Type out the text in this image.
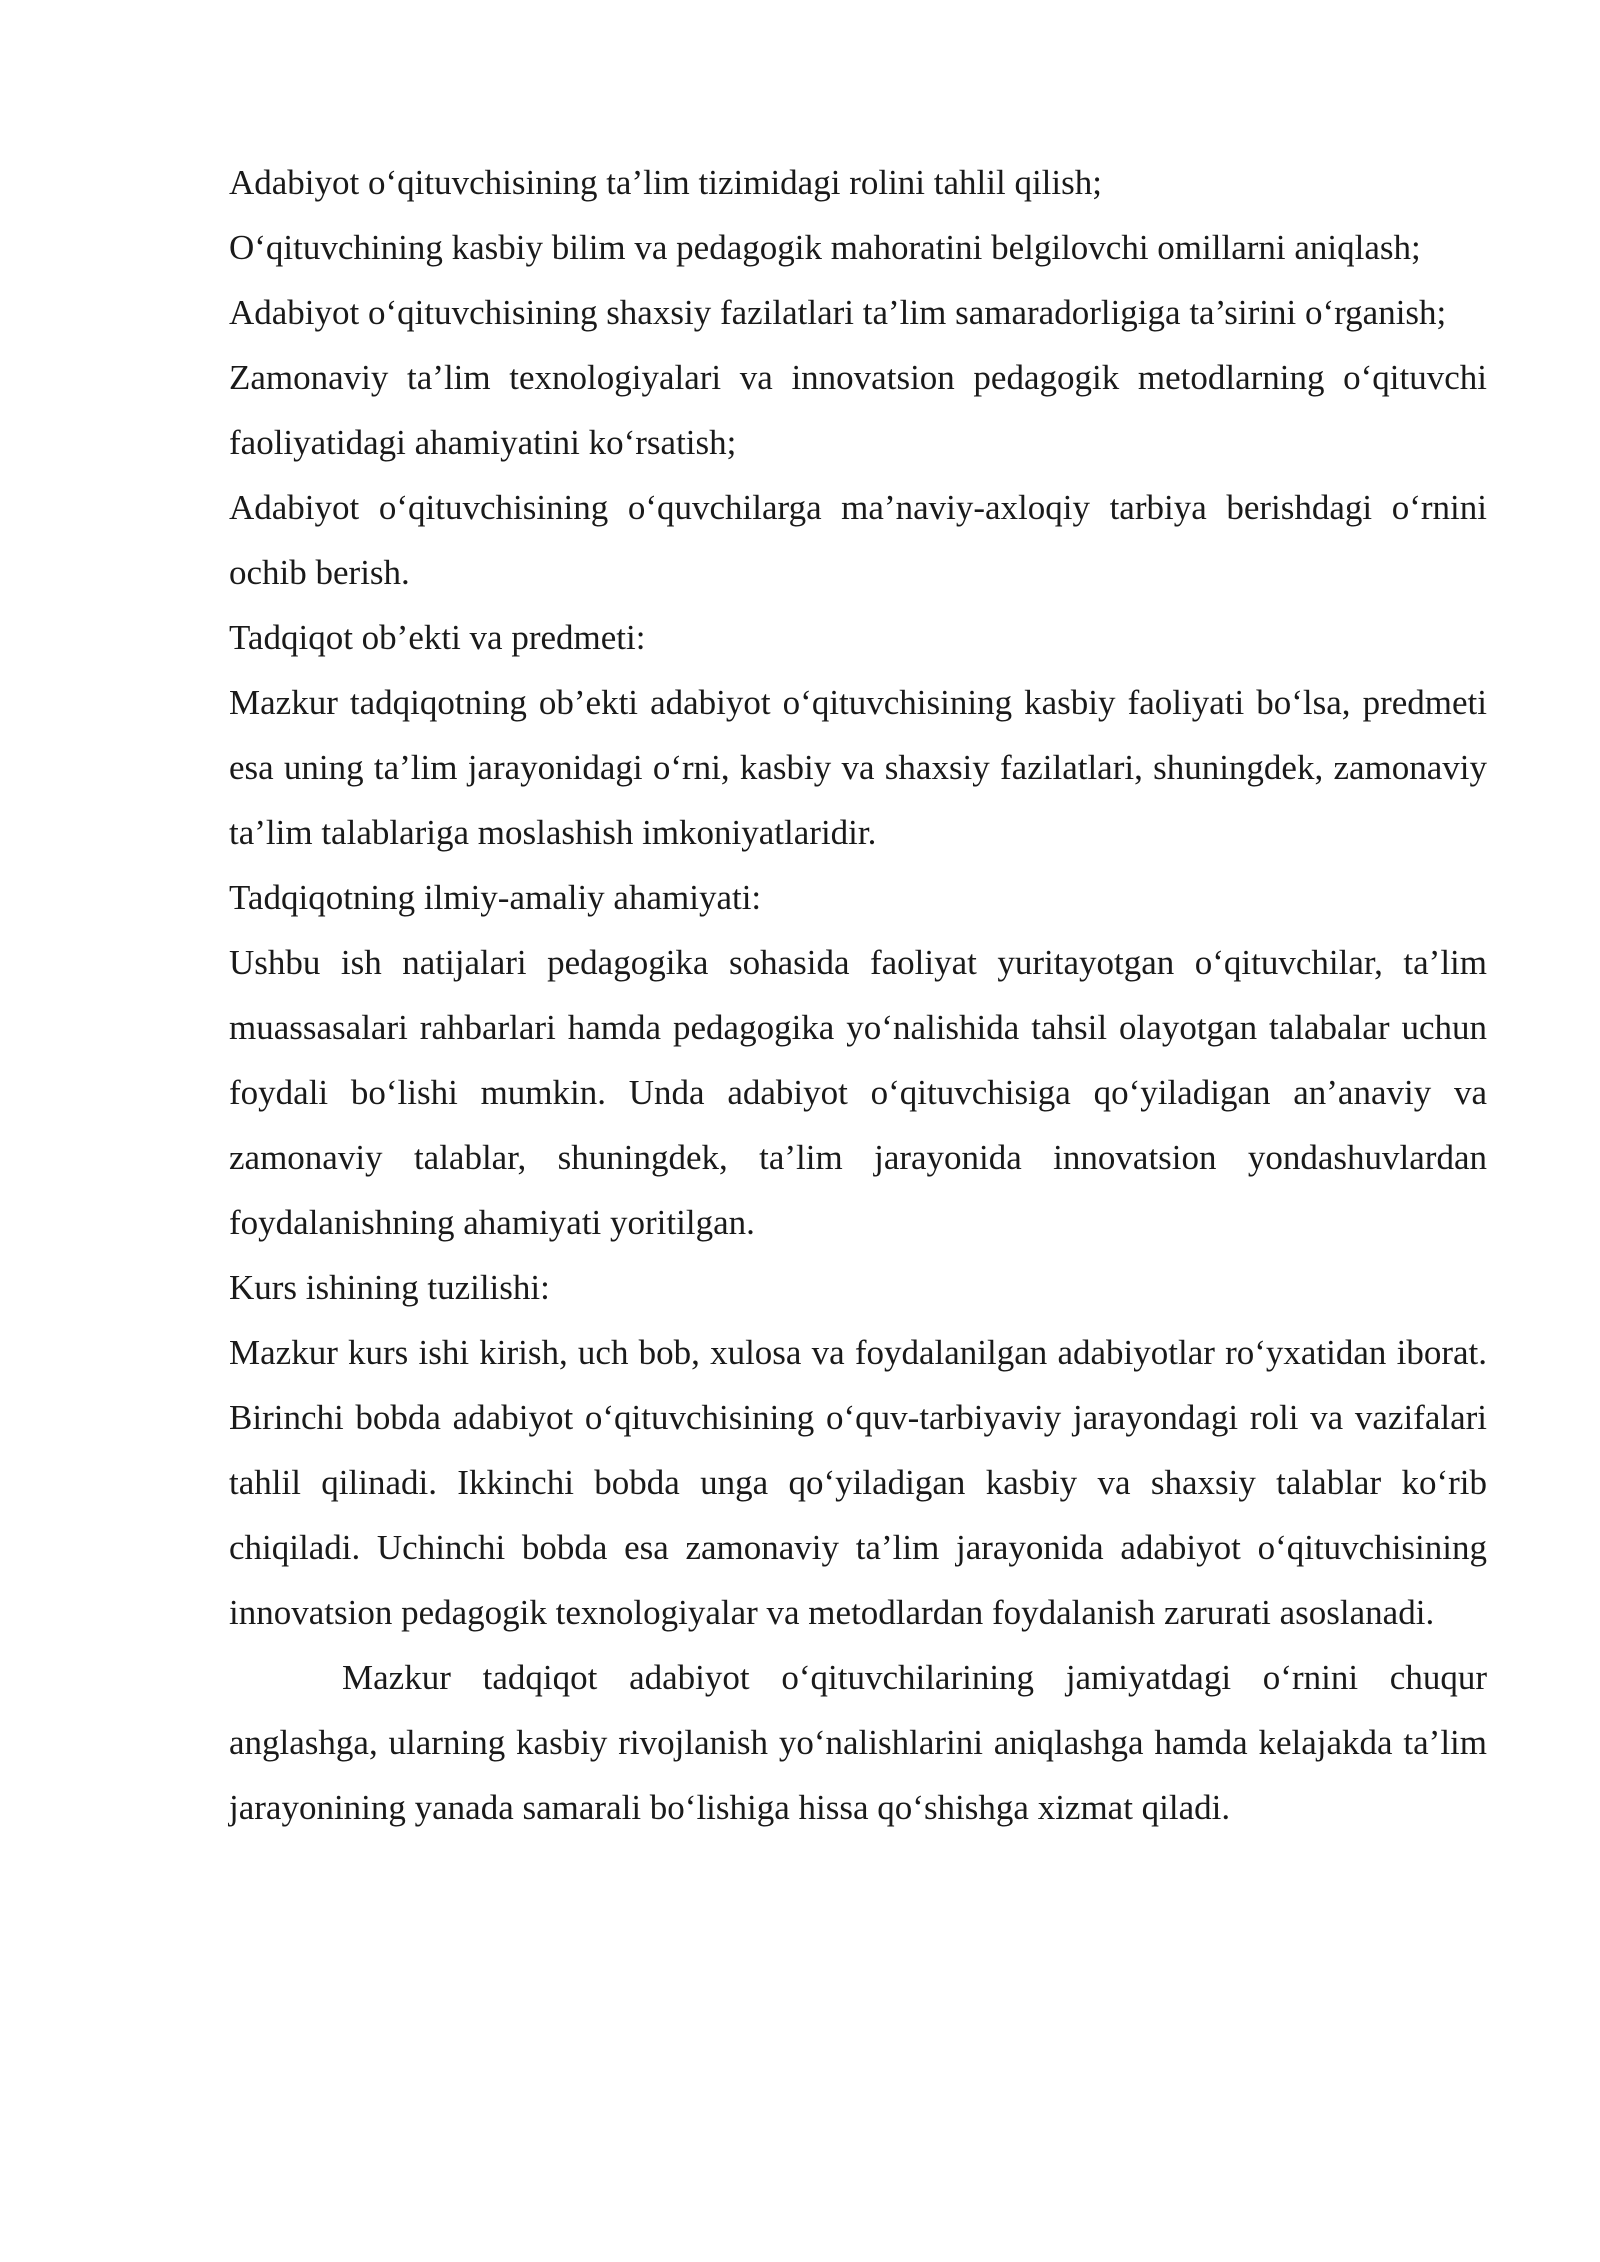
Adabiyot o‘qituvchisining ta’lim tizimidagi rolini tahlil qilish;

O‘qituvchining kasbiy bilim va pedagogik mahoratini belgilovchi omillarni aniqlash;

Adabiyot o‘qituvchisining shaxsiy fazilatlari ta’lim samaradorligiga ta’sirini o‘rganish;

Zamonaviy ta’lim texnologiyalari va innovatsion pedagogik metodlarning o‘qituvchi faoliyatidagi ahamiyatini ko‘rsatish;

Adabiyot o‘qituvchisining o‘quvchilarga ma’naviy-axloqiy tarbiya berishdagi o‘rnini ochib berish.

Tadqiqot ob’ekti va predmeti:

Mazkur tadqiqotning ob’ekti adabiyot o‘qituvchisining kasbiy faoliyati bo‘lsa, predmeti esa uning ta’lim jarayonidagi o‘rni, kasbiy va shaxsiy fazilatlari, shuningdek, zamonaviy ta’lim talablariga moslashish imkoniyatlaridir.

Tadqiqotning ilmiy-amaliy ahamiyati:

Ushbu ish natijalari pedagogika sohasida faoliyat yuritayotgan o‘qituvchilar, ta’lim muassasalari rahbarlari hamda pedagogika yo‘nalishida tahsil olayotgan talabalar uchun foydali bo‘lishi mumkin. Unda adabiyot o‘qituvchisiga qo‘yiladigan an’anaviy va zamonaviy talablar, shuningdek, ta’lim jarayonida innovatsion yondashuvlardan foydalanishning ahamiyati yoritilgan.

Kurs ishining tuzilishi:

Mazkur kurs ishi kirish, uch bob, xulosa va foydalanilgan adabiyotlar ro‘yxatidan iborat. Birinchi bobda adabiyot o‘qituvchisining o‘quv-tarbiyaviy jarayondagi roli va vazifalari tahlil qilinadi. Ikkinchi bobda unga qo‘yiladigan kasbiy va shaxsiy talablar ko‘rib chiqiladi. Uchinchi bobda esa zamonaviy ta’lim jarayonida adabiyot o‘qituvchisining innovatsion pedagogik texnologiyalar va metodlardan foydalanish zarurati asoslanadi.

Mazkur tadqiqot adabiyot o‘qituvchilarining jamiyatdagi o‘rnini chuqur anglashga, ularning kasbiy rivojlanish yo‘nalishlarini aniqlashga hamda kelajakda ta’lim jarayonining yanada samarali bo‘lishiga hissa qo‘shishga xizmat qiladi.
